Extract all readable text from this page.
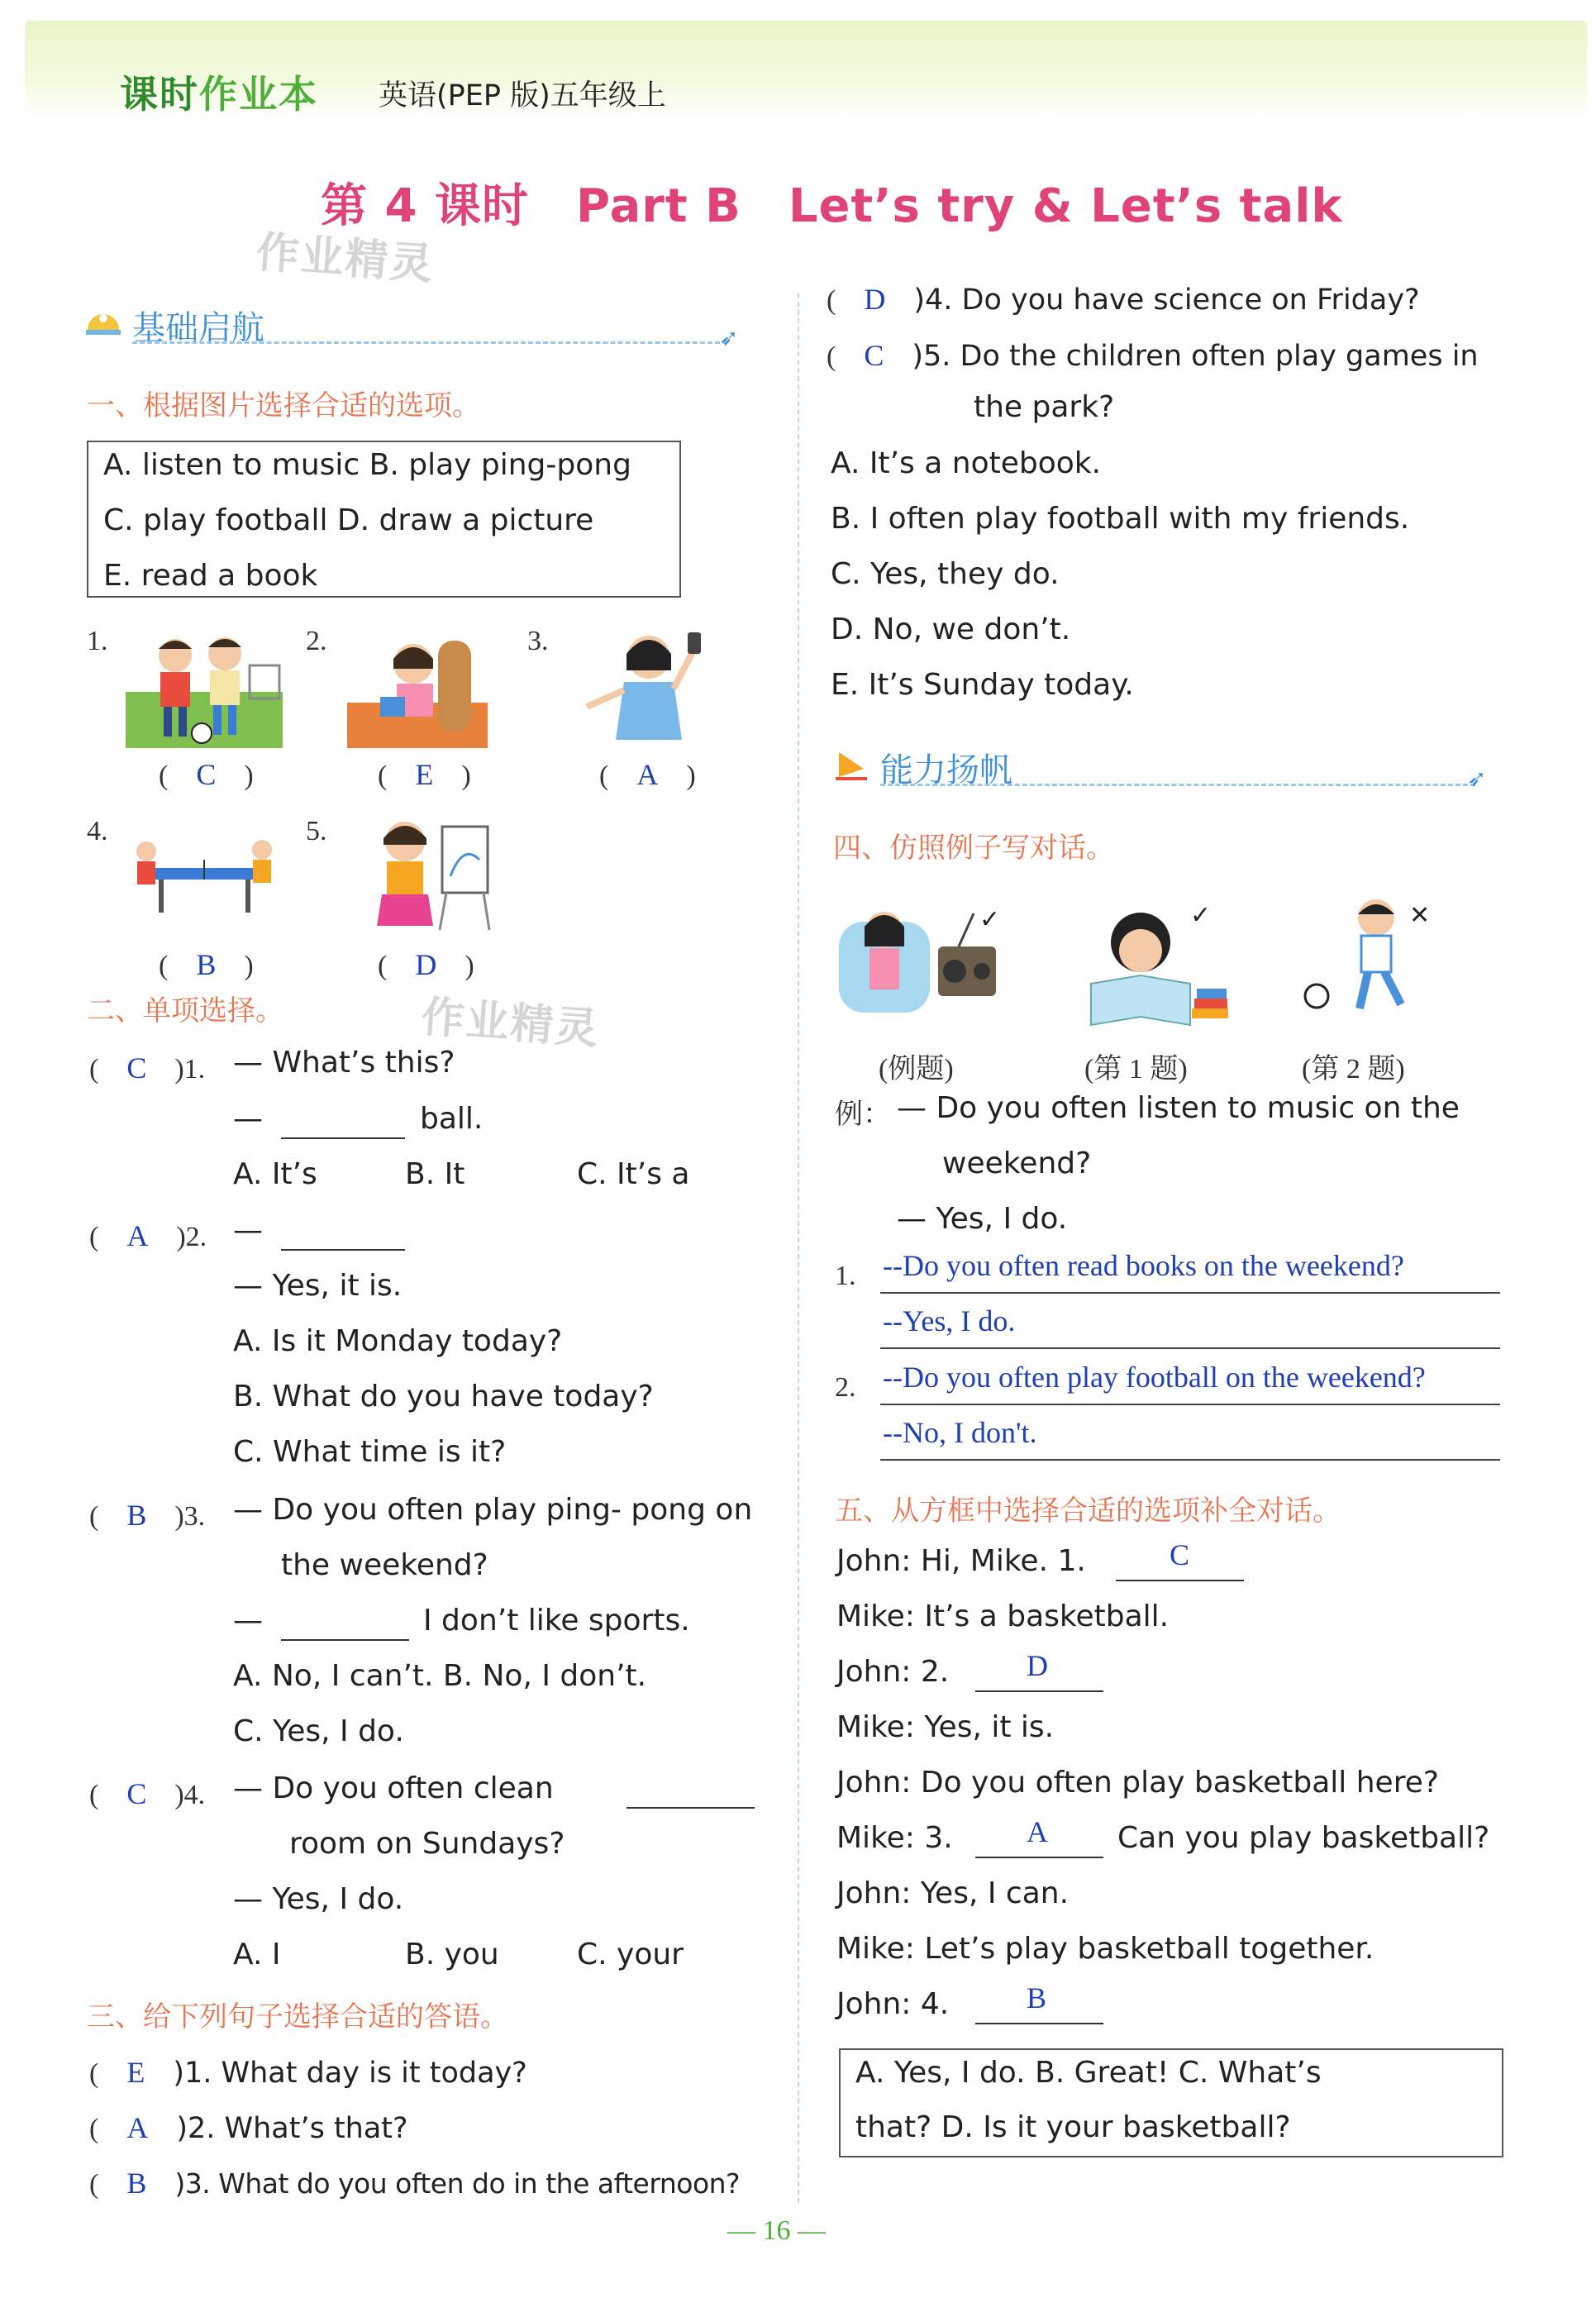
课时作业本 英语(PEP 版)五年级上
第 4 课时　Part B　Let’s try & Let’s talk
作业精灵
基础启航	➶
一、根据图片选择合适的选项。
A. listen to music B. play ping-pong
C. play football D. draw a picture
E. read a book
1.
(　C　)
2.
(　E　)
3.
(　A　)
4.
(　B　)
5.
(　D　)
作业精灵
二、单项选择。
(　C　 )1. — What’s this?
—	ball.
A. It’s	B. It	C. It’s a
(　A　 )2. —
— Yes, it is.
A. Is it Monday today?
B. What do you have today?
C. What time is it?
(　B　 )3. — Do you often play ping- pong on
the weekend?
—	I don’t like sports.
A. No, I can’t. B. No, I don’t.
C. Yes, I do.
(　C　 )4. — Do you often clean
room on Sundays?
— Yes, I do.
A. I	B. you	C. your
三、给下列句子选择合适的答语。
(　E　 )1. What day is it today?
(　A　 )2. What’s that?
(　B　 )3. What do you often do in the afternoon?
(　D　 )4. Do you have science on Friday?
(　C　 )5. Do the children often play games in
the park?
A. It’s a notebook.
B. I often play football with my friends.
C. Yes, they do.
D. No, we don’t.
E. It’s Sunday today.
能力扬帆	➶
四、仿照例子写对话。
✓	✓	✕
(例题)	(第 1 题)	(第 2 题)
例： — Do you often listen to music on the
weekend?
— Yes, I do.
1. --Do you often read books on the weekend?
--Yes, I do.
2. --Do you often play football on the weekend?
--No, I don't.
五、从方框中选择合适的选项补全对话。
John: Hi, Mike. 1.	C
Mike: It’s a basketball.
John: 2.	D
Mike: Yes, it is.
John: Do you often play basketball here?
Mike: 3. A Can you play basketball?
John: Yes, I can.
Mike: Let’s play basketball together.
John: 4.	B
A. Yes, I do. B. Great! C. What’s
that? D. Is it your basketball?
— 16 —
